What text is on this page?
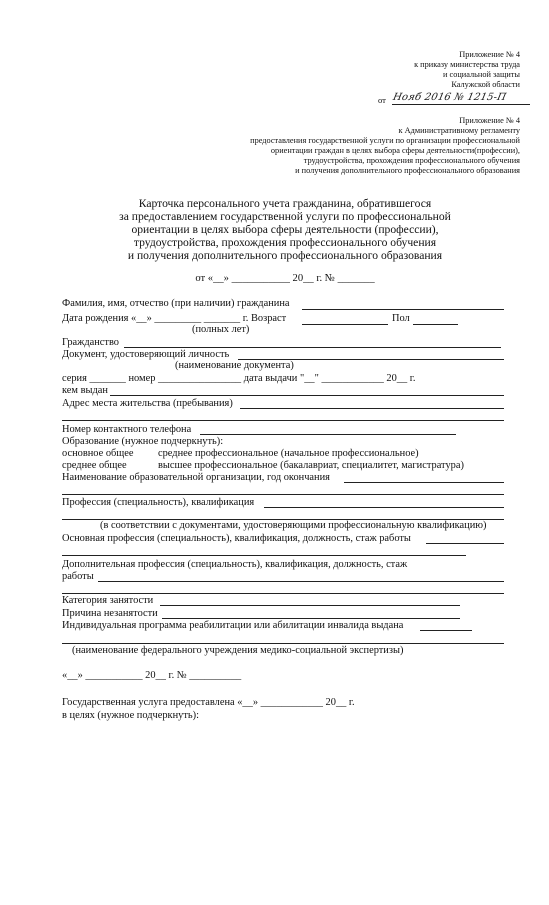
Приложение № 4
к приказу министерства труда
и социальной защиты
Калужской области
от Нояб 2016 № 1215-П
Приложение № 4
к Административному регламенту
предоставления государственной услуги по организации профессиональной
ориентации граждан в целях выбора сферы деятельности(профессии),
трудоустройства, прохождения профессионального обучения
и получения дополнительного профессионального образования
Карточка персонального учета гражданина, обратившегося
за предоставлением государственной услуги по профессиональной
ориентации в целях выбора сферы деятельности (профессии),
трудоустройства, прохождения профессионального обучения
и получения дополнительного профессионального образования
от «__» ___________ 20__ г. № _______
Фамилия, имя, отчество (при наличии) гражданина
Дата рождения «__» _________ _______ г. Возраст	Пол
(полных лет)
Гражданство
Документ, удостоверяющий личность
(наименование документа)
серия _______ номер ________________ дата выдачи "__" ____________ 20__ г.
кем выдан
Адрес места жительства (пребывания)
Номер контактного телефона
Образование (нужное подчеркнуть):
основное общее среднее профессиональное (начальное профессиональное)
среднее общее	высшее профессиональное (бакалавриат, специалитет, магистратура)
Наименование образовательной организации, год окончания
Профессия (специальность), квалификация
(в соответствии с документами, удостоверяющими профессиональную квалификацию)
Основная профессия (специальность), квалификация, должность, стаж работы
Дополнительная профессия (специальность), квалификация, должность, стаж
работы
Категория занятости
Причина незанятости
Индивидуальная программа реабилитации или абилитации инвалида выдана
(наименование федерального учреждения медико-социальной экспертизы)
«__» ___________ 20__ г. № __________
Государственная услуга предоставлена «__» ____________ 20__ г.
в целях (нужное подчеркнуть):
